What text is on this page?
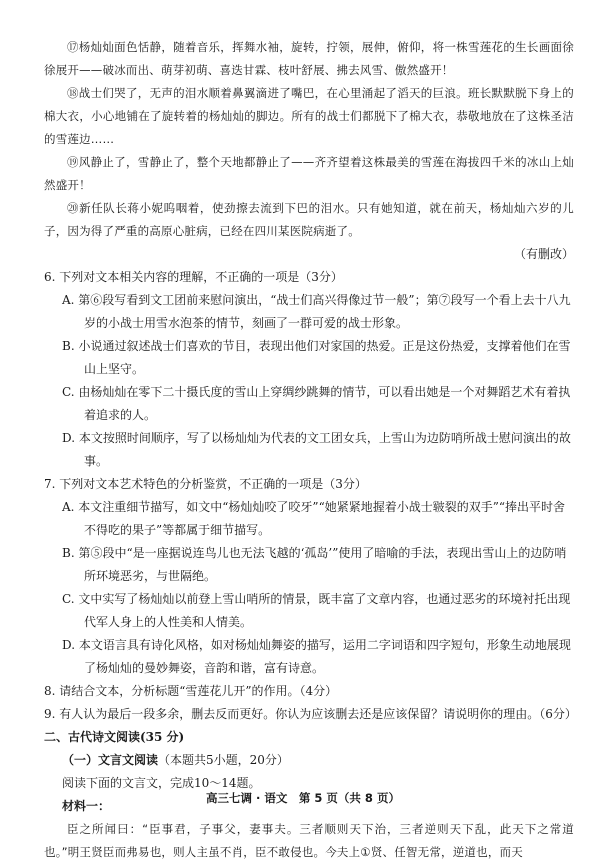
⑰杨灿灿面色恬静，随着音乐，挥舞水袖，旋转，拧领，展伸，俯仰，将一株雪莲花的生长画面徐徐展开——破冰而出、萌芽初萌、喜迭甘霖、枝叶舒展、拂去风雪、傲然盛开！

⑱战士们哭了，无声的泪水顺着鼻翼滴进了嘴巴，在心里涌起了滔天的巨浪。班长默默脱下身上的棉大衣，小心地铺在了旋转着的杨灿灿的脚边。所有的战士们都脱下了棉大衣，恭敬地放在了这株圣洁的雪莲边……

⑲风静止了，雪静止了，整个天地都静止了——齐齐望着这株最美的雪莲在海拔四千米的冰山上灿然盛开！

⑳新任队长蒋小妮呜咽着，使劲擦去流到下巴的泪水。只有她知道，就在前天，杨灿灿六岁的儿子，因为得了严重的高原心脏病，已经在四川某医院病逝了。

（有删改）

6. 下列对文本相关内容的理解，不正确的一项是（3分）

A. 第⑥段写看到文工团前来慰问演出，“战士们高兴得像过节一般”；第⑦段写一个看上去十八九岁的小战士用雪水泡茶的情节，刻画了一群可爱的战士形象。

B. 小说通过叙述战士们喜欢的节目，表现出他们对家国的热爱。正是这份热爱，支撑着他们在雪山上坚守。

C. 由杨灿灿在零下二十摄氏度的雪山上穿绸纱跳舞的情节，可以看出她是一个对舞蹈艺术有着执着追求的人。

D. 本文按照时间顺序，写了以杨灿灿为代表的文工团女兵，上雪山为边防哨所战士慰问演出的故事。

7. 下列对文本艺术特色的分析鉴赏，不正确的一项是（3分）

A. 本文注重细节描写，如文中“杨灿灿咬了咬牙”“她紧紧地握着小战士皲裂的双手”“捧出平时舍不得吃的果子”等都属于细节描写。

B. 第⑤段中“是一座据说连鸟儿也无法飞越的‘孤岛’”使用了暗喻的手法，表现出雪山上的边防哨所环境恶劣，与世隔绝。

C. 文中实写了杨灿灿以前登上雪山哨所的情景，既丰富了文章内容，也通过恶劣的环境衬托出现代军人身上的人性美和人情美。

D. 本文语言具有诗化风格，如对杨灿灿舞姿的描写，运用二字词语和四字短句，形象生动地展现了杨灿灿的曼妙舞姿，音韵和谐，富有诗意。

8. 请结合文本，分析标题“雪莲花儿开”的作用。（4分）

9. 有人认为最后一段多余，删去反而更好。你认为应该删去还是应该保留？请说明你的理由。（6分）

二、古代诗文阅读(35 分)

（一）文言文阅读（本题共5小题，20分）

阅读下面的文言文，完成10～14题。

材料一：

臣之所闻曰：“臣事君，子事父，妻事夫。三者顺则天下治，三者逆则天下乱，此天下之常道也。”明王贤臣而弗易也，则人主虽不肖，臣不敢侵也。今夫上①贤、任智无常，逆道也，而天

高三七调 · 语文　第 5 页（共 8 页）
